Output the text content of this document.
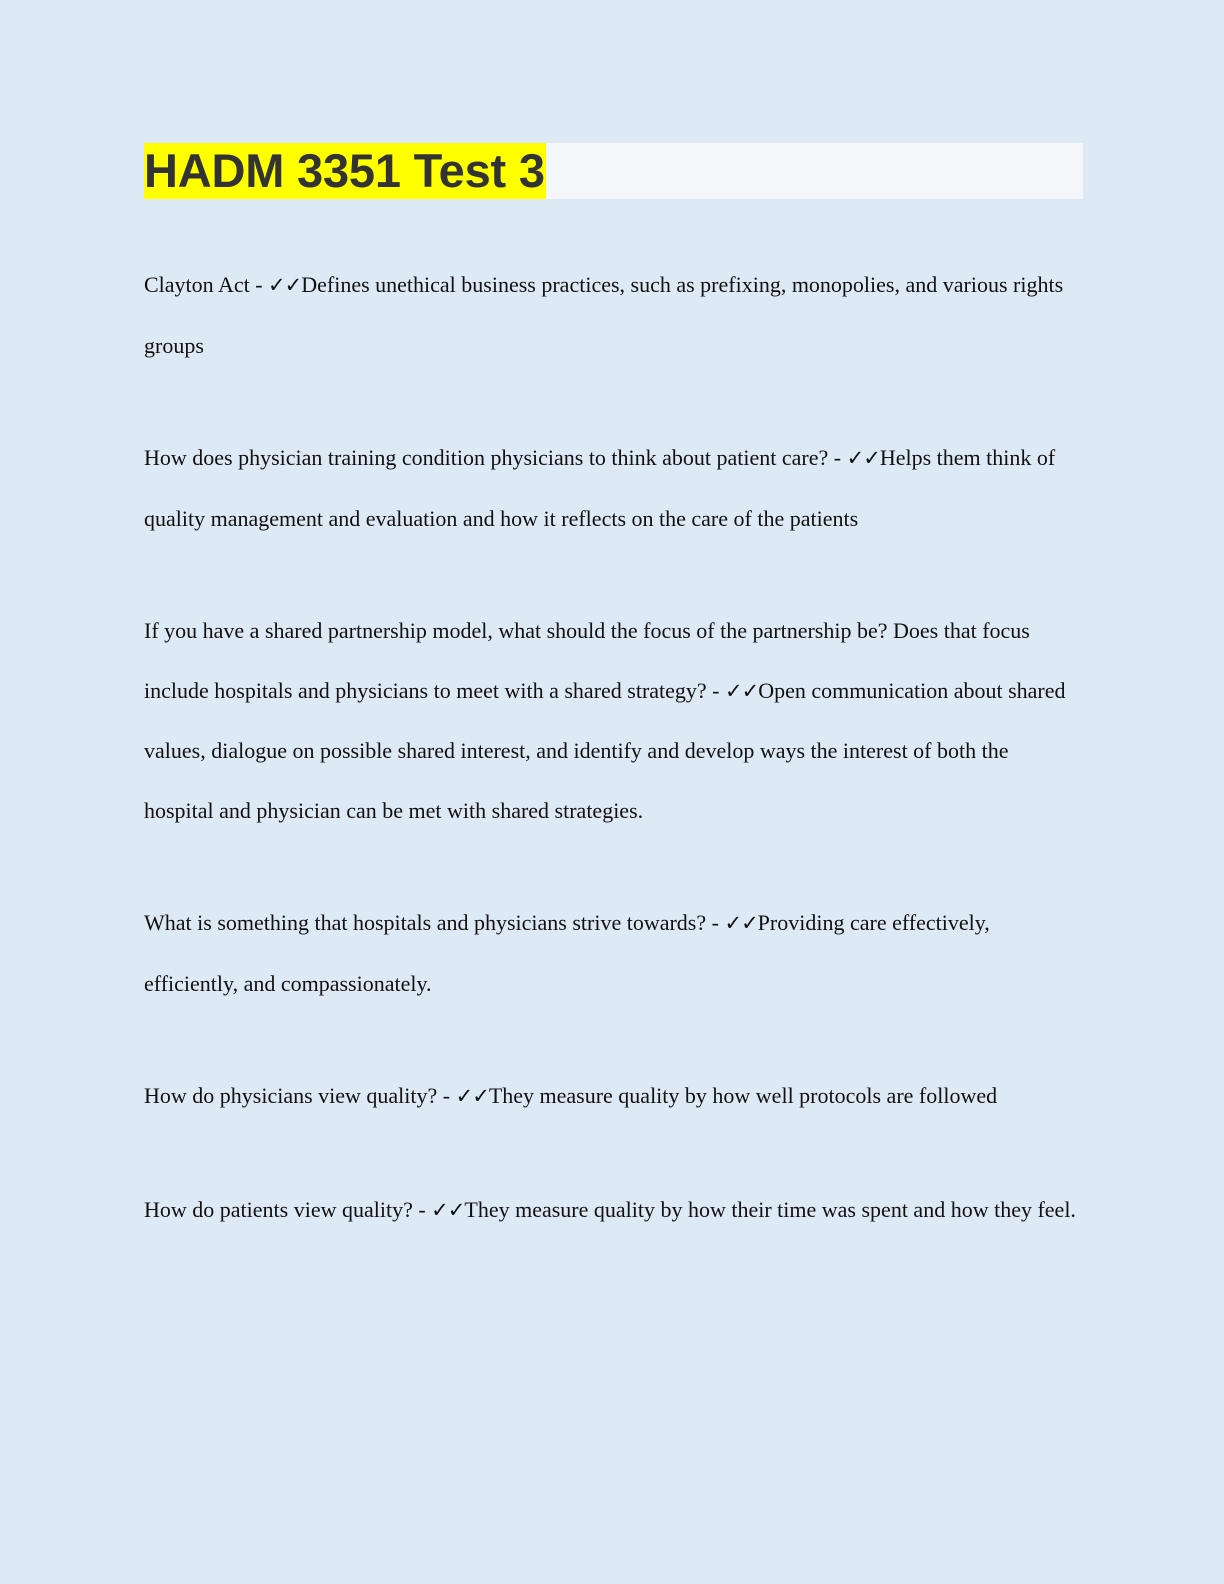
HADM 3351 Test 3

Clayton Act - ✓✓Defines unethical business practices, such as prefixing, monopolies, and various rights groups

How does physician training condition physicians to think about patient care? - ✓✓Helps them think of quality management and evaluation and how it reflects on the care of the patients

If you have a shared partnership model, what should the focus of the partnership be? Does that focus include hospitals and physicians to meet with a shared strategy? - ✓✓Open communication about shared values, dialogue on possible shared interest, and identify and develop ways the interest of both the hospital and physician can be met with shared strategies.

What is something that hospitals and physicians strive towards? - ✓✓Providing care effectively, efficiently, and compassionately.

How do physicians view quality? - ✓✓They measure quality by how well protocols are followed

How do patients view quality? - ✓✓They measure quality by how their time was spent and how they feel.
